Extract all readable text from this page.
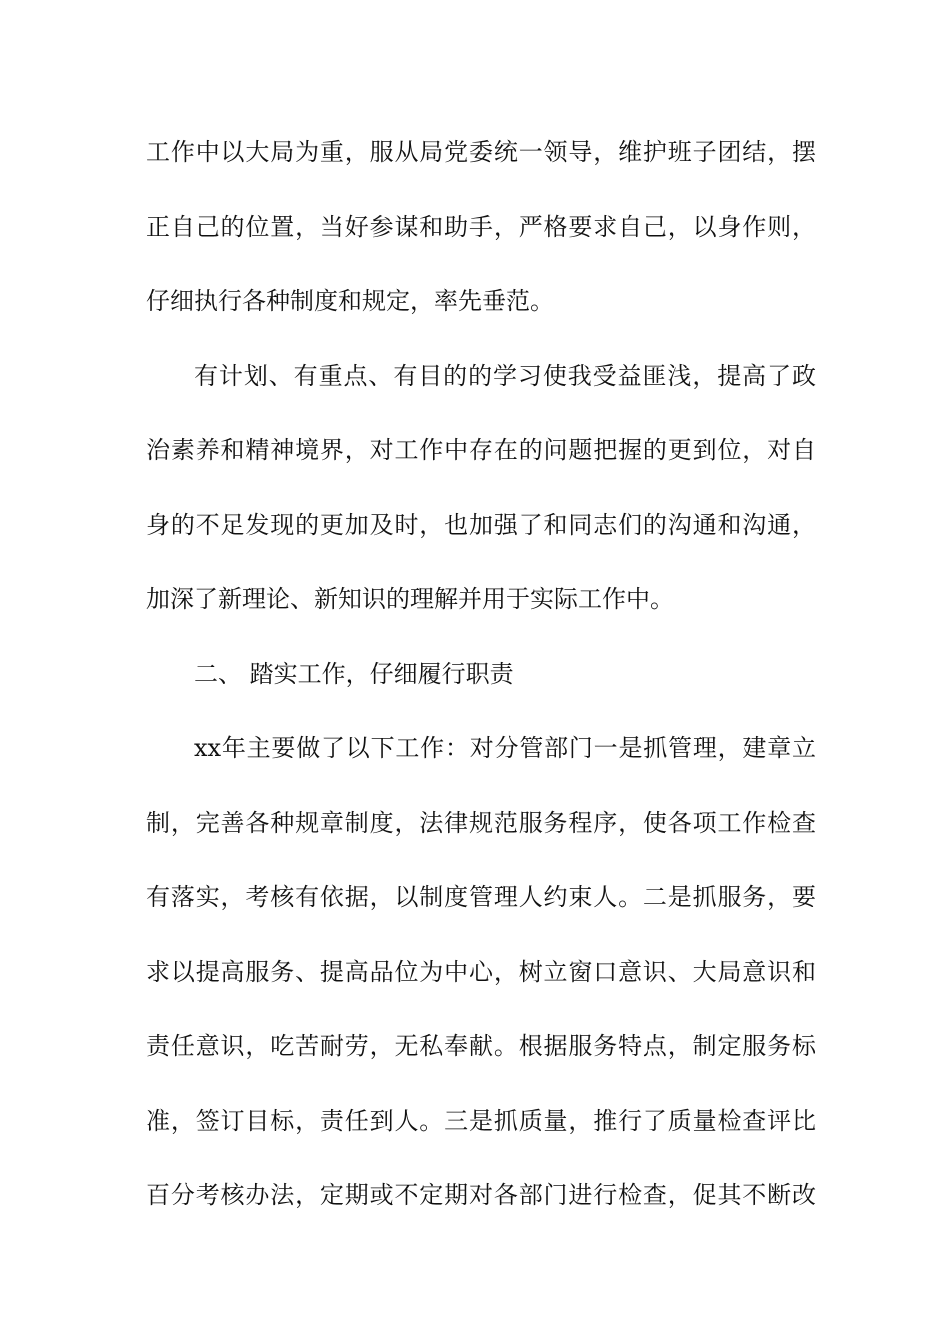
工作中以大局为重，服从局党委统一领导，维护班子团结，摆
正自己的位置，当好参谋和助手，严格要求自己，以身作则，
仔细执行各种制度和规定，率先垂范。
有计划、有重点、有目的的学习使我受益匪浅，提高了政
治素养和精神境界，对工作中存在的问题把握的更到位，对自
身的不足发现的更加及时，也加强了和同志们的沟通和沟通，
加深了新理论、新知识的理解并用于实际工作中。
二、 踏实工作，仔细履行职责
xx年主要做了以下工作：对分管部门一是抓管理，建章立
制，完善各种规章制度，法律规范服务程序，使各项工作检查
有落实，考核有依据，以制度管理人约束人。二是抓服务，要
求以提高服务、提高品位为中心，树立窗口意识、大局意识和
责任意识，吃苦耐劳，无私奉献。根据服务特点，制定服务标
准，签订目标，责任到人。三是抓质量，推行了质量检查评比
百分考核办法，定期或不定期对各部门进行检查，促其不断改
